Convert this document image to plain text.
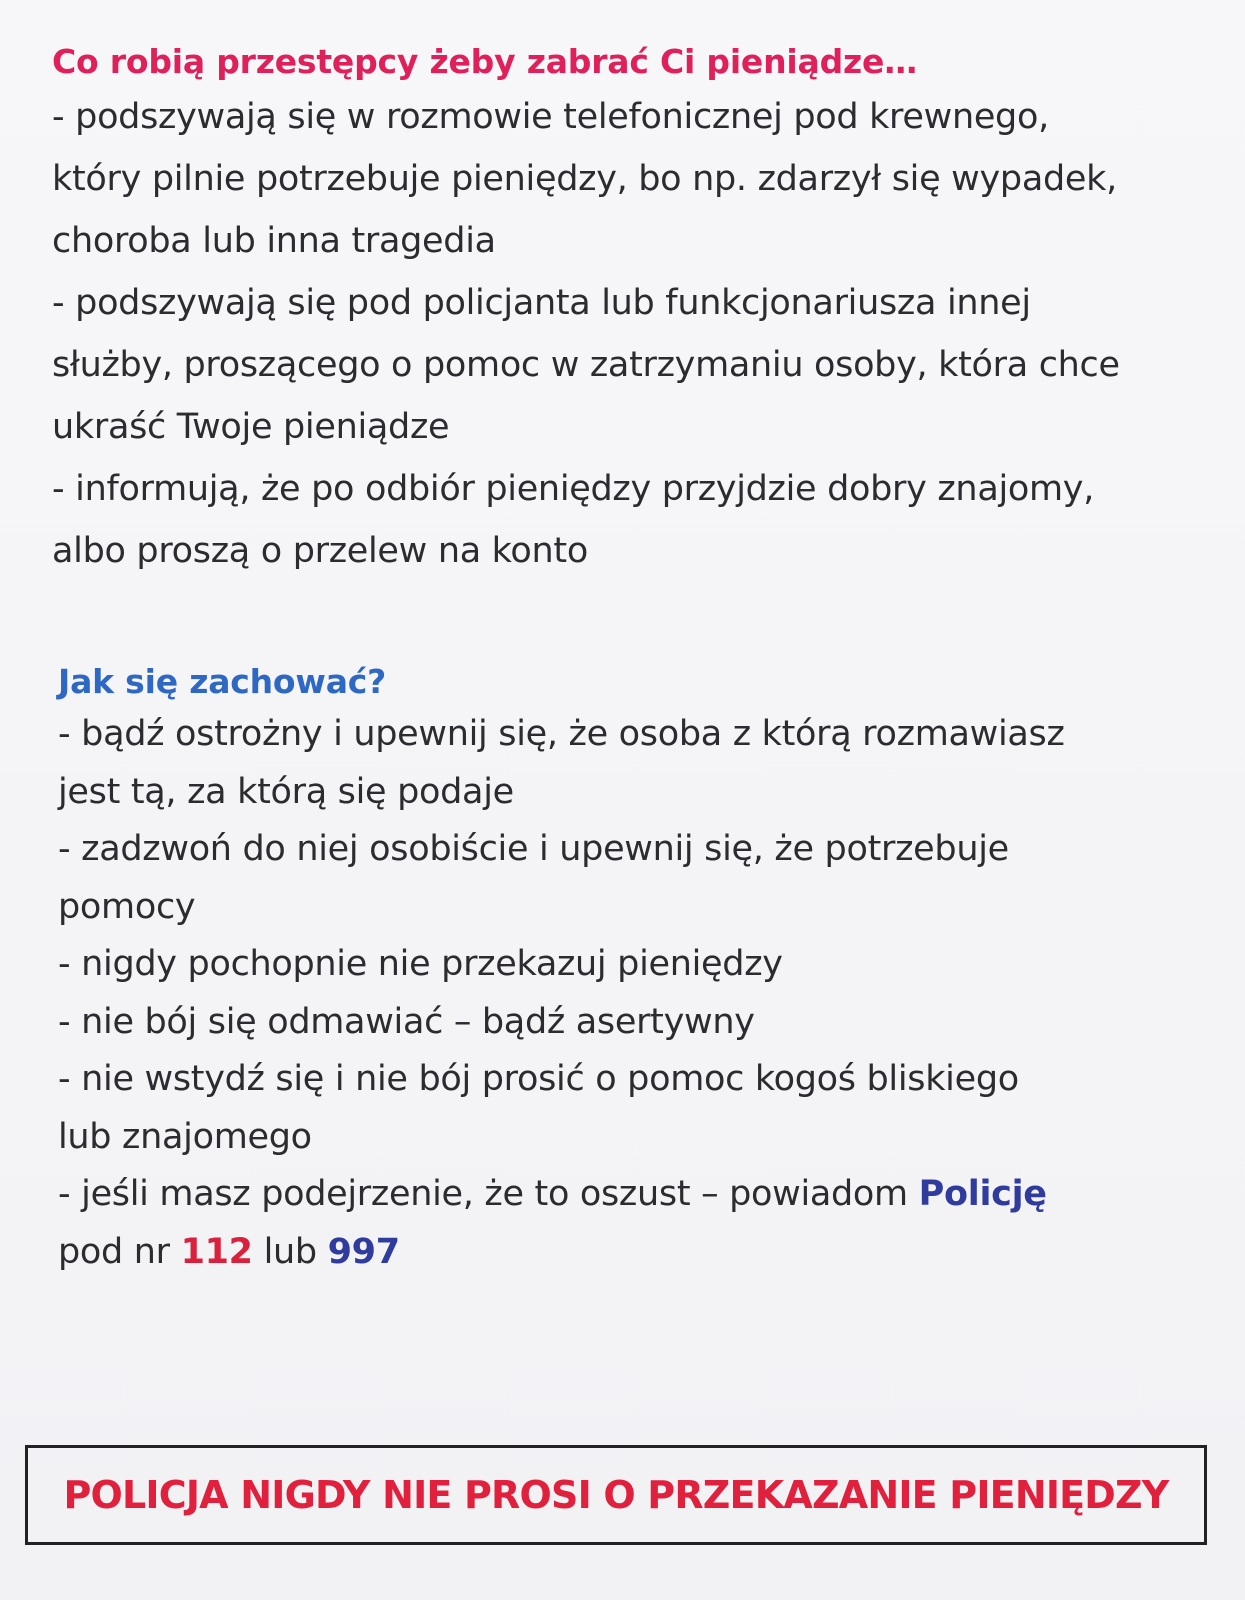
Co robią przestępcy żeby zabrać Ci pieniądze…

- podszywają się w rozmowie telefonicznej pod krewnego,

który pilnie potrzebuje pieniędzy, bo np. zdarzył się wypadek,

choroba lub inna tragedia

- podszywają się pod policjanta lub funkcjonariusza innej

służby, proszącego o pomoc w zatrzymaniu osoby, która chce

ukraść Twoje pieniądze

- informują, że po odbiór pieniędzy przyjdzie dobry znajomy,

albo proszą o przelew na konto

Jak się zachować?

- bądź ostrożny i upewnij się, że osoba z którą rozmawiasz

jest tą, za którą się podaje

- zadzwoń do niej osobiście i upewnij się, że potrzebuje

pomocy

- nigdy pochopnie nie przekazuj pieniędzy

- nie bój się odmawiać – bądź asertywny

- nie wstydź się i nie bój prosić o pomoc kogoś bliskiego

lub znajomego

- jeśli masz podejrzenie, że to oszust – powiadom Policję

pod nr 112 lub 997

POLICJA NIGDY NIE PROSI O PRZEKAZANIE PIENIĘDZY
